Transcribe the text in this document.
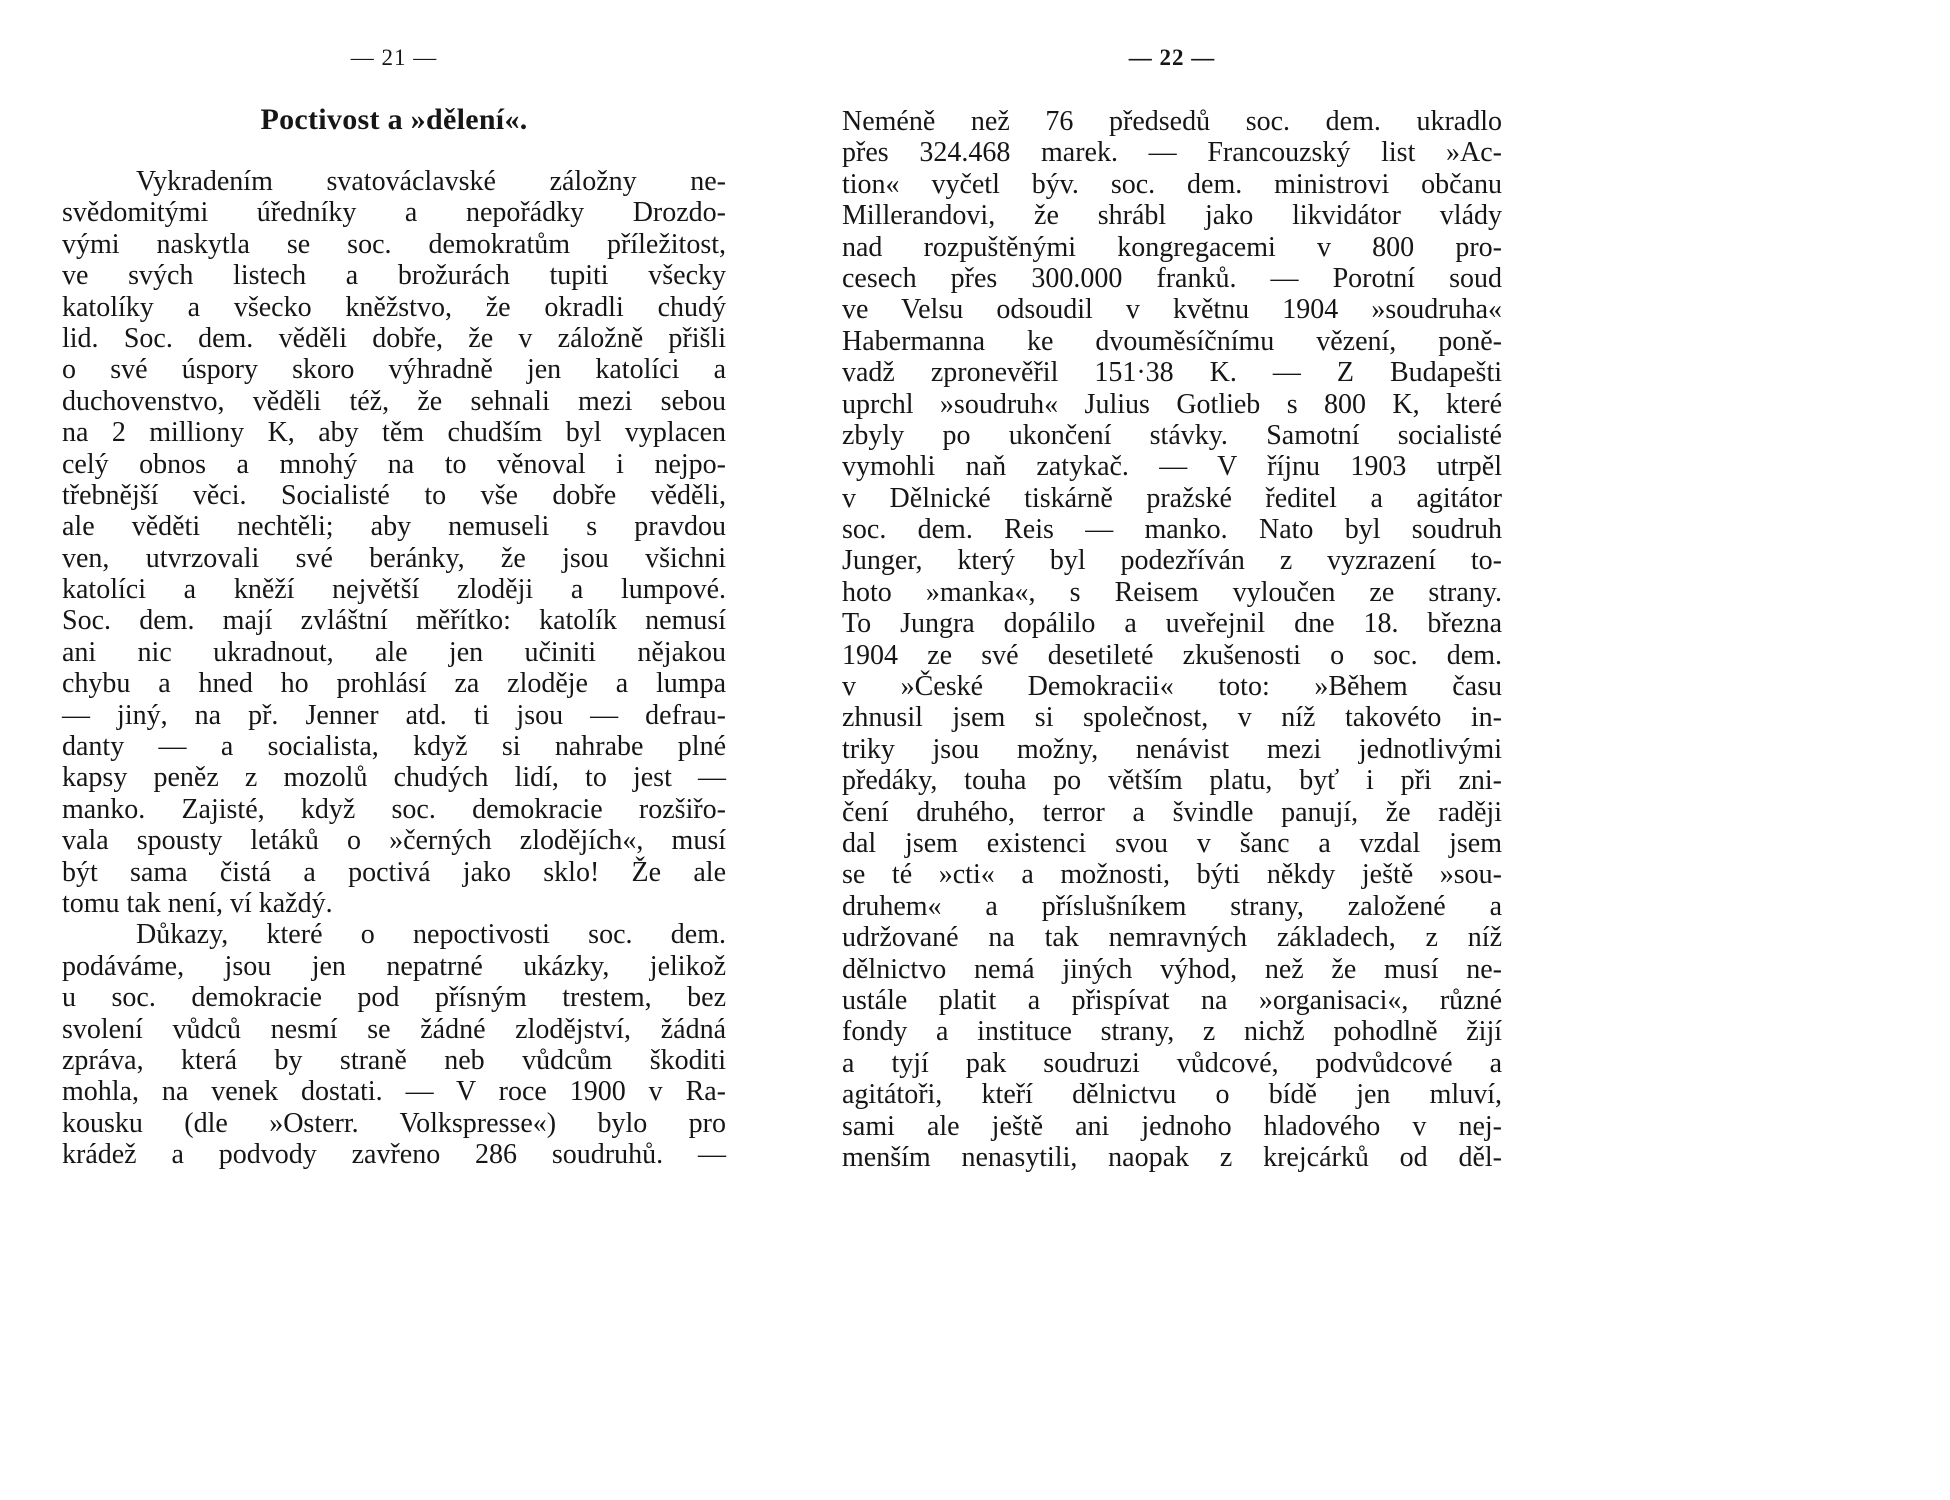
— 21 —
Poctivost a »dělení«.
Vykradením svatováclavské záložny ne-
svědomitými úředníky a nepořádky Drozdo-
vými naskytla se soc. demokratům příležitost,
ve svých listech a brožurách tupiti všecky
katolíky a všecko kněžstvo, že okradli chudý
lid. Soc. dem. věděli dobře, že v záložně přišli
o své úspory skoro výhradně jen katolíci a
duchovenstvo, věděli též, že sehnali mezi sebou
na 2 milliony K, aby těm chudším byl vyplacen
celý obnos a mnohý na to věnoval i nejpo-
třebnější věci. Socialisté to vše dobře věděli,
ale věděti nechtěli; aby nemuseli s pravdou
ven, utvrzovali své beránky, že jsou všichni
katolíci a kněží největší zloději a lumpové.
Soc. dem. mají zvláštní měřítko: katolík nemusí
ani nic ukradnout, ale jen učiniti nějakou
chybu a hned ho prohlásí za zloděje a lumpa
— jiný, na př. Jenner atd. ti jsou — defrau-
danty — a socialista, když si nahrabe plné
kapsy peněz z mozolů chudých lidí, to jest —
manko. Zajisté, když soc. demokracie rozšiřo-
vala spousty letáků o »černých zlodějích«, musí
být sama čistá a poctivá jako sklo! Že ale
tomu tak není, ví každý.
Důkazy, které o nepoctivosti soc. dem.
podáváme, jsou jen nepatrné ukázky, jelikož
u soc. demokracie pod přísným trestem, bez
svolení vůdců nesmí se žádné zlodějství, žádná
zpráva, která by straně neb vůdcům škoditi
mohla, na venek dostati. — V roce 1900 v Ra-
kousku (dle »Osterr. Volkspresse«) bylo pro
krádež a podvody zavřeno 286 soudruhů. —
— 22 —
Neméně než 76 předsedů soc. dem. ukradlo
přes 324.468 marek. — Francouzský list »Ac-
tion« vyčetl býv. soc. dem. ministrovi občanu
Millerandovi, že shrábl jako likvidátor vlády
nad rozpuštěnými kongregacemi v 800 pro-
cesech přes 300.000 franků. — Porotní soud
ve Velsu odsoudil v květnu 1904 »soudruha«
Habermanna ke dvouměsíčnímu vězení, poně-
vadž zpronevěřil 151·38 K. — Z Budapešti
uprchl »soudruh« Julius Gotlieb s 800 K, které
zbyly po ukončení stávky. Samotní socialisté
vymohli naň zatykač. — V říjnu 1903 utrpěl
v Dělnické tiskárně pražské ředitel a agitátor
soc. dem. Reis — manko. Nato byl soudruh
Junger, který byl podezříván z vyzrazení to-
hoto »manka«, s Reisem vyloučen ze strany.
To Jungra dopálilo a uveřejnil dne 18. března
1904 ze své desetileté zkušenosti o soc. dem.
v »České Demokracii« toto: »Během času
zhnusil jsem si společnost, v níž takovéto in-
triky jsou možny, nenávist mezi jednotlivými
předáky, touha po větším platu, byť i při zni-
čení druhého, terror a švindle panují, že raději
dal jsem existenci svou v šanc a vzdal jsem
se té »cti« a možnosti, býti někdy ještě »sou-
druhem« a příslušníkem strany, založené a
udržované na tak nemravných základech, z níž
dělnictvo nemá jiných výhod, než že musí ne-
ustále platit a přispívat na »organisaci«, různé
fondy a instituce strany, z nichž pohodlně žijí
a tyjí pak soudruzi vůdcové, podvůdcové a
agitátoři, kteří dělnictvu o bídě jen mluví,
sami ale ještě ani jednoho hladového v nej-
menším nenasytili, naopak z krejcárků od děl-
